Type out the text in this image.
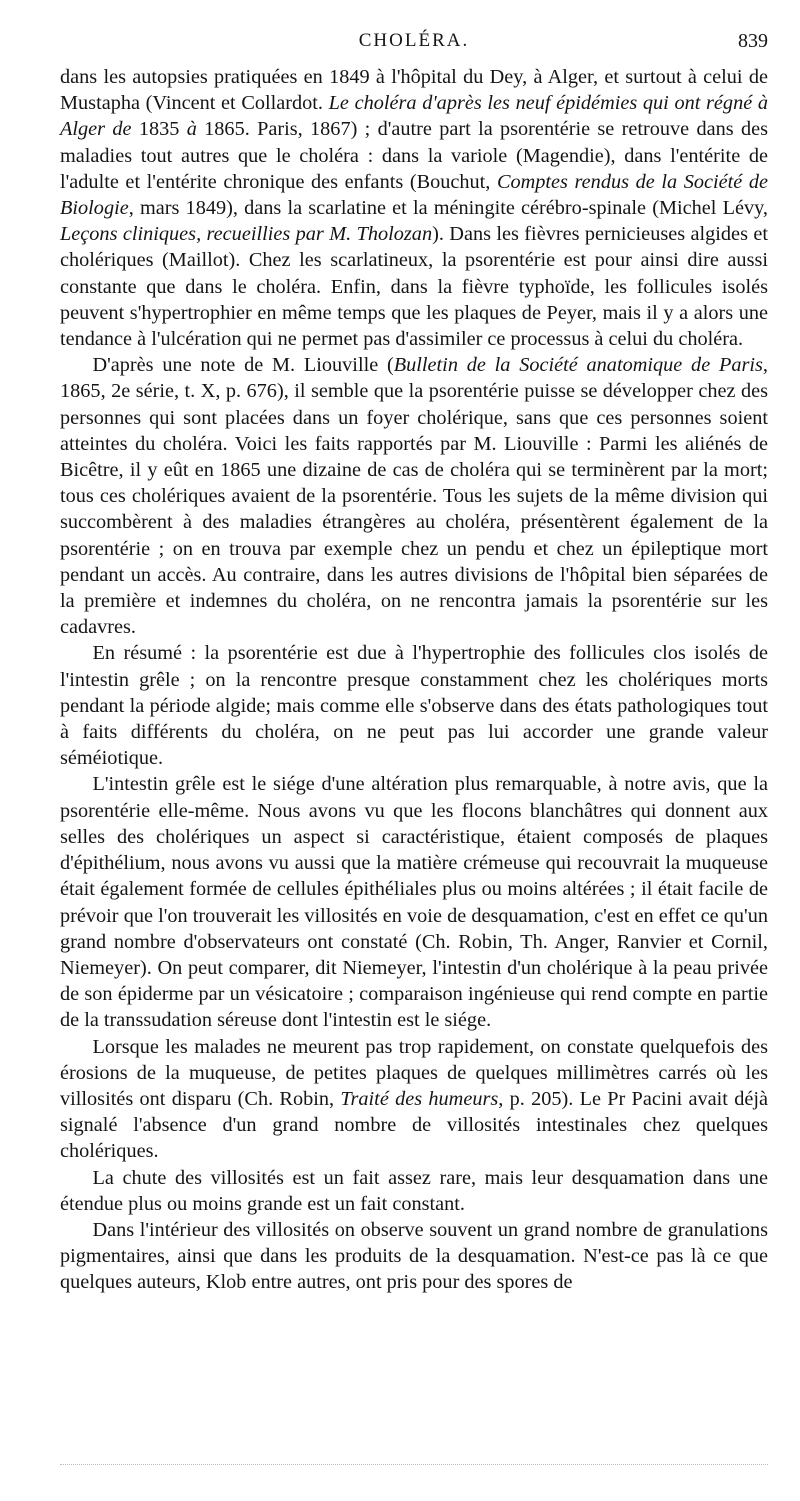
CHOLÉRA.	839

dans les autopsies pratiquées en 1849 à l'hôpital du Dey, à Alger, et surtout à celui de Mustapha (Vincent et Collardot. Le choléra d'après les neuf épidémies qui ont régné à Alger de 1835 à 1865. Paris, 1867) ; d'autre part la psorentérie se retrouve dans des maladies tout autres que le choléra : dans la variole (Magendie), dans l'entérite de l'adulte et l'entérite chronique des enfants (Bouchut, Comptes rendus de la Société de Biologie, mars 1849), dans la scarlatine et la méningite cérébro-spinale (Michel Lévy, Leçons cliniques, recueillies par M. Tholozan). Dans les fièvres pernicieuses algides et cholériques (Maillot). Chez les scarlatineux, la psorentérie est pour ainsi dire aussi constante que dans le choléra. Enfin, dans la fièvre typhoïde, les follicules isolés peuvent s'hypertrophier en même temps que les plaques de Peyer, mais il y a alors une tendance à l'ulcération qui ne permet pas d'assimiler ce processus à celui du choléra.

D'après une note de M. Liouville (Bulletin de la Société anatomique de Paris, 1865, 2e série, t. X, p. 676), il semble que la psorentérie puisse se développer chez des personnes qui sont placées dans un foyer cholérique, sans que ces personnes soient atteintes du choléra. Voici les faits rapportés par M. Liouville : Parmi les aliénés de Bicêtre, il y eût en 1865 une dizaine de cas de choléra qui se terminèrent par la mort; tous ces cholériques avaient de la psorentérie. Tous les sujets de la même division qui succombèrent à des maladies étrangères au choléra, présentèrent également de la psorentérie ; on en trouva par exemple chez un pendu et chez un épileptique mort pendant un accès. Au contraire, dans les autres divisions de l'hôpital bien séparées de la première et indemnes du choléra, on ne rencontra jamais la psorentérie sur les cadavres.

En résumé : la psorentérie est due à l'hypertrophie des follicules clos isolés de l'intestin grêle ; on la rencontre presque constamment chez les cholériques morts pendant la période algide; mais comme elle s'observe dans des états pathologiques tout à faits différents du choléra, on ne peut pas lui accorder une grande valeur séméiotique.

L'intestin grêle est le siége d'une altération plus remarquable, à notre avis, que la psorentérie elle-même. Nous avons vu que les flocons blanchâtres qui donnent aux selles des cholériques un aspect si caractéristique, étaient composés de plaques d'épithélium, nous avons vu aussi que la matière crémeuse qui recouvrait la muqueuse était également formée de cellules épithéliales plus ou moins altérées ; il était facile de prévoir que l'on trouverait les villosités en voie de desquamation, c'est en effet ce qu'un grand nombre d'observateurs ont constaté (Ch. Robin, Th. Anger, Ranvier et Cornil, Niemeyer). On peut comparer, dit Niemeyer, l'intestin d'un cholérique à la peau privée de son épiderme par un vésicatoire ; comparaison ingénieuse qui rend compte en partie de la transsudation séreuse dont l'intestin est le siége.

Lorsque les malades ne meurent pas trop rapidement, on constate quelquefois des érosions de la muqueuse, de petites plaques de quelques millimètres carrés où les villosités ont disparu (Ch. Robin, Traité des humeurs, p. 205). Le Pr Pacini avait déjà signalé l'absence d'un grand nombre de villosités intestinales chez quelques cholériques.

La chute des villosités est un fait assez rare, mais leur desquamation dans une étendue plus ou moins grande est un fait constant.

Dans l'intérieur des villosités on observe souvent un grand nombre de granulations pigmentaires, ainsi que dans les produits de la desquamation. N'est-ce pas là ce que quelques auteurs, Klob entre autres, ont pris pour des spores de
